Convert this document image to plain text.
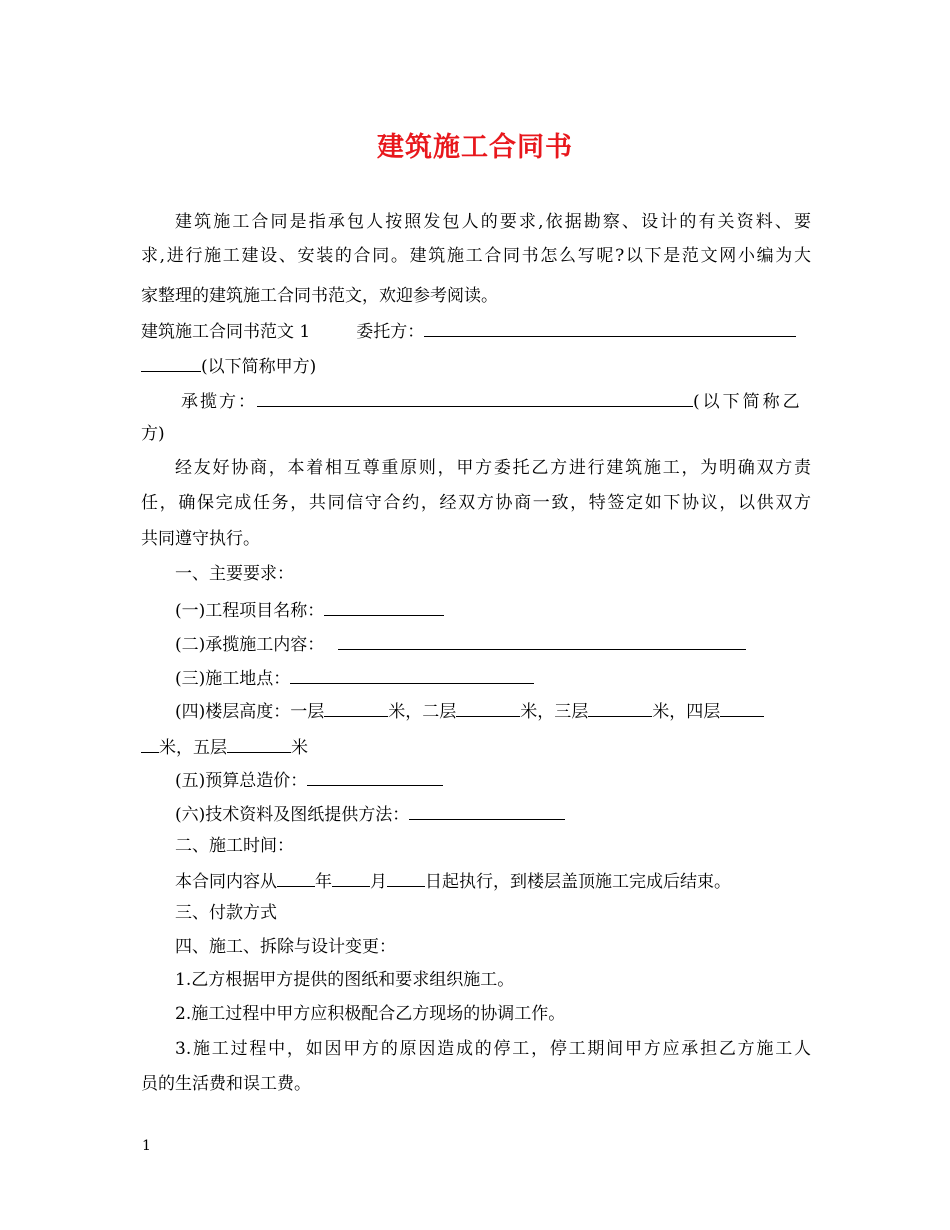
建筑施工合同书
建筑施工合同是指承包人按照发包人的要求,依据勘察、设计的有关资料、要
求,进行施工建设、安装的合同。建筑施工合同书怎么写呢?以下是范文网小编为大
家整理的建筑施工合同书范文，欢迎参考阅读。
建筑施工合同书范文 1	委托方：
(以下简称甲方)
承揽方：	(以下简称乙
方)
经友好协商，本着相互尊重原则，甲方委托乙方进行建筑施工，为明确双方责
任，确保完成任务，共同信守合约，经双方协商一致，特签定如下协议，以供双方
共同遵守执行。
一、主要要求：
(一)工程项目名称：
(二)承揽施工内容：
(三)施工地点：
(四)楼层高度：一层	米，二层	米，三层	米，四层
米，五层	米
(五)预算总造价：
(六)技术资料及图纸提供方法：
二、施工时间：
本合同内容从 年 月 日起执行，到楼层盖顶施工完成后结束。
三、付款方式
四、施工、拆除与设计变更：
1.乙方根据甲方提供的图纸和要求组织施工。
2.施工过程中甲方应积极配合乙方现场的协调工作。
3.施工过程中，如因甲方的原因造成的停工，停工期间甲方应承担乙方施工人
员的生活费和误工费。
1
